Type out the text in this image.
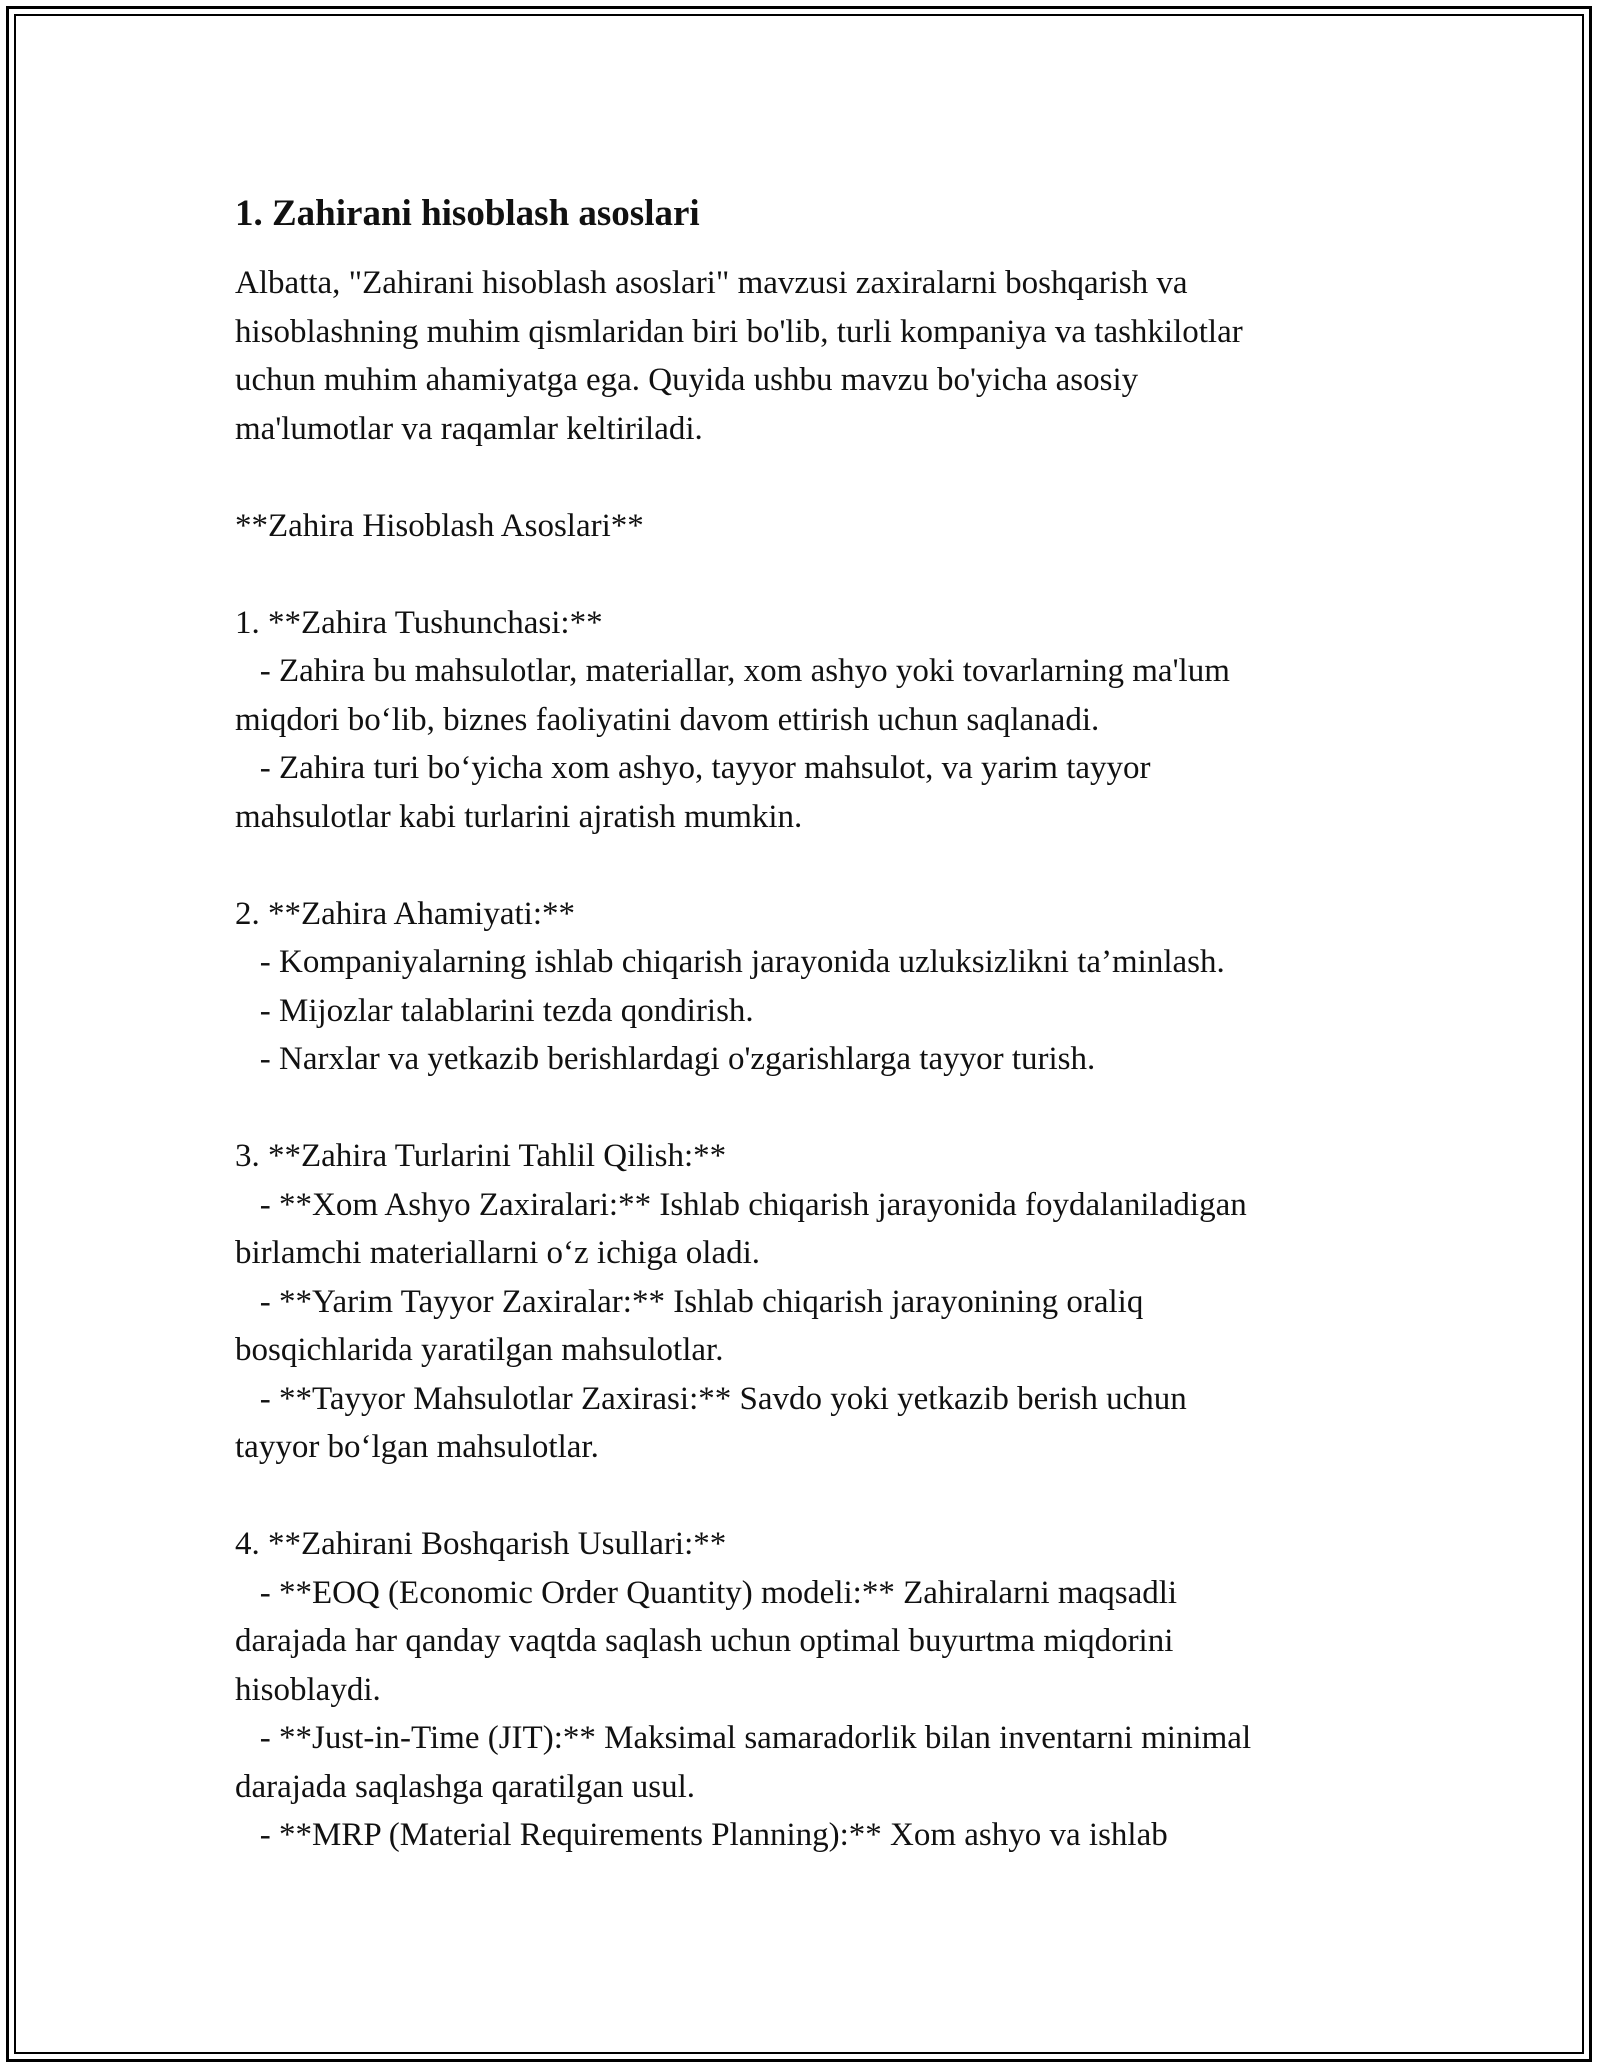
1. Zahirani hisoblash asoslari
Albatta, "Zahirani hisoblash asoslari" mavzusi zaxiralarni boshqarish va
hisoblashning muhim qismlaridan biri bo'lib, turli kompaniya va tashkilotlar
uchun muhim ahamiyatga ega. Quyida ushbu mavzu bo'yicha asosiy
ma'lumotlar va raqamlar keltiriladi.
**Zahira Hisoblash Asoslari**
1. **Zahira Tushunchasi:**
- Zahira bu mahsulotlar, materiallar, xom ashyo yoki tovarlarning ma'lum
miqdori bo‘lib, biznes faoliyatini davom ettirish uchun saqlanadi.
- Zahira turi bo‘yicha xom ashyo, tayyor mahsulot, va yarim tayyor
mahsulotlar kabi turlarini ajratish mumkin.
2. **Zahira Ahamiyati:**
- Kompaniyalarning ishlab chiqarish jarayonida uzluksizlikni ta’minlash.
- Mijozlar talablarini tezda qondirish.
- Narxlar va yetkazib berishlardagi o'zgarishlarga tayyor turish.
3. **Zahira Turlarini Tahlil Qilish:**
- **Xom Ashyo Zaxiralari:** Ishlab chiqarish jarayonida foydalaniladigan
birlamchi materiallarni o‘z ichiga oladi.
- **Yarim Tayyor Zaxiralar:** Ishlab chiqarish jarayonining oraliq
bosqichlarida yaratilgan mahsulotlar.
- **Tayyor Mahsulotlar Zaxirasi:** Savdo yoki yetkazib berish uchun
tayyor bo‘lgan mahsulotlar.
4. **Zahirani Boshqarish Usullari:**
- **EOQ (Economic Order Quantity) modeli:** Zahiralarni maqsadli
darajada har qanday vaqtda saqlash uchun optimal buyurtma miqdorini
hisoblaydi.
- **Just-in-Time (JIT):** Maksimal samaradorlik bilan inventarni minimal
darajada saqlashga qaratilgan usul.
- **MRP (Material Requirements Planning):** Xom ashyo va ishlab
